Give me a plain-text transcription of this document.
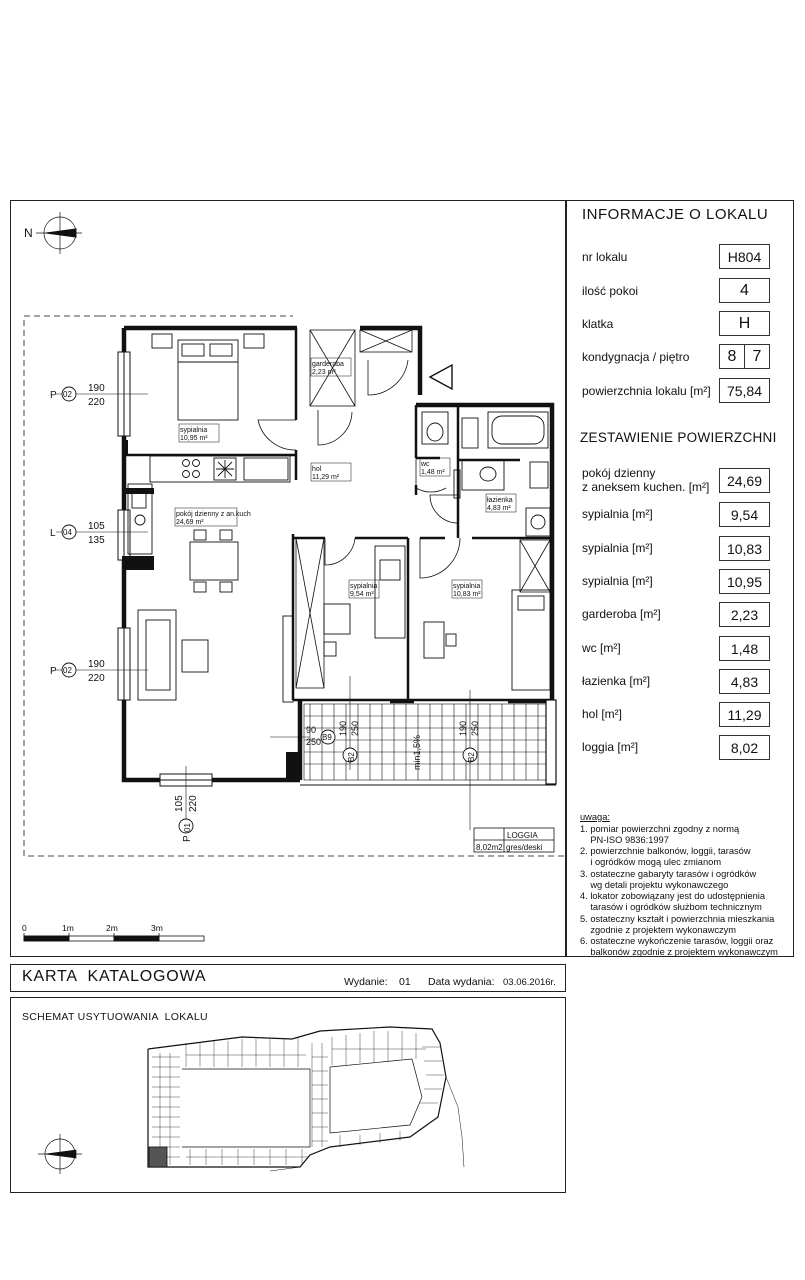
INFORMACJE O LOKALU
nr lokalu	H804
ilość pokoi	4
klatka	H
kondygnacja / piętro	8	7
powierzchnia lokalu [m²]	75,84
ZESTAWIENIE POWIERZCHNI
pokój dzienny
z aneksem kuchen. [m²]	24,69
sypialnia [m²]	9,54
sypialnia [m²]	10,83
sypialnia [m²]	10,95
garderoba [m²]	2,23
wc [m²]	1,48
łazienka [m²]	4,83
hol [m²]	11,29
loggia [m²]	8,02
uwaga:
1. pomiar powierzchni zgodny z normą
PN-ISO 9836:1997
2. powierzchnie balkonów, loggii, tarasów
i ogródków mogą ulec zmianom
3. ostateczne gabaryty tarasów i ogródków
wg detali projektu wykonawczego
4. lokator zobowiązany jest do udostępnienia
tarasów i ogródków służbom technicznym
5. ostateczny kształt i powierzchnia mieszkania
zgodnie z projektem wykonawczym
6. ostateczne wykończenie tarasów, loggii oraz
balkonów zgodnie z projektem wykonawczym
KARTA  KATALOGOWA	Wydanie: 01 Data wydania: 03.06.2016r.
SCHEMAT USYTUOWANIA  LOKALU
N
sypialnia
10,95 m²
garderoba
2,23 m²
hol
11,29 m²
wc
1,48 m²
łazienka
4,83 m²
pokój dzienny z an.kuch
24,69 m²
sypialnia
9,54 m²
sypialnia
10,83 m²
P 02
190
220
L 04
105
135
P 02
190
220
P
01
105 220
B9
90
250
B2
190 250
B2
190 250
min1,5%
LOGGIA
8,02m2 gres/deski
0	1m	2m	3m
